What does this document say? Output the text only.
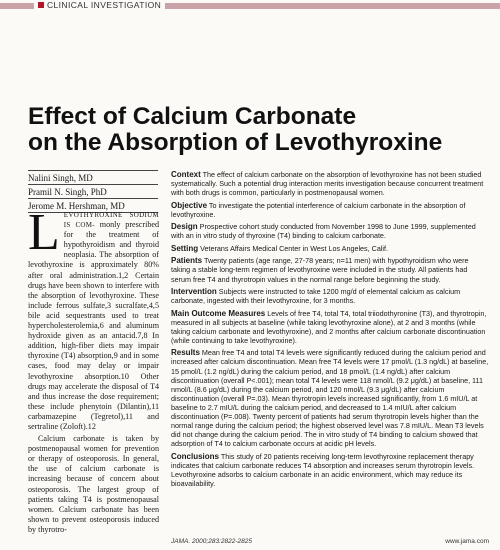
CLINICAL INVESTIGATION
Effect of Calcium Carbonate
on the Absorption of Levothyroxine
Nalini Singh, MD
Pramil N. Singh, PhD
Jerome M. Hershman, MD

LEVOTHYROXINE SODIUM IS COM- monly prescribed for the treatment of hypothyroidism and thyroid neoplasia. The absorption of levothyroxine is approximately 80% after oral administration.1,2 Certain drugs have been shown to interfere with the absorption of levothyroxine. These include ferrous sulfate,3 sucralfate,4,5 bile acid sequestrants used to treat hypercholesterolemia,6 and aluminum hydroxide given as an antacid.7,8 In addition, high-fiber diets may impair thyroxine (T4) absorption,9 and in some cases, food may delay or impair levothyroxine absorption.10 Other drugs may accelerate the disposal of T4 and thus increase the dose requirement; these include phenytoin (Dilantin),11 carbamazepine (Tegretol),11 and sertraline (Zoloft).12

Calcium carbonate is taken by postmenopausal women for prevention or therapy of osteoporosis. In general, the use of calcium carbonate is increasing because of concern about osteoporosis. The largest group of patients taking T4 is postmenopausal women. Calcium carbonate has been shown to prevent osteoporosis induced by thyrotro-

Context The effect of calcium carbonate on the absorption of levothyroxine has not been studied systematically. Such a potential drug interaction merits investigation because concurrent treatment with both drugs is common, particularly in postmenopausal women.

Objective To investigate the potential interference of calcium carbonate in the absorption of levothyroxine.

Design Prospective cohort study conducted from November 1998 to June 1999, supplemented with an in vitro study of thyroxine (T4) binding to calcium carbonate.

Setting Veterans Affairs Medical Center in West Los Angeles, Calif.

Patients Twenty patients (age range, 27-78 years; n=11 men) with hypothyroidism who were taking a stable long-term regimen of levothyroxine were included in the study. All patients had serum free T4 and thyrotropin values in the normal range before beginning the study.

Intervention Subjects were instructed to take 1200 mg/d of elemental calcium as calcium carbonate, ingested with their levothyroxine, for 3 months.

Main Outcome Measures Levels of free T4, total T4, total triiodothyronine (T3), and thyrotropin, measured in all subjects at baseline (while taking levothyroxine alone), at 2 and 3 months (while taking calcium carbonate and levothyroxine), and 2 months after calcium carbonate discontinuation (while continuing to take levothyroxine).

Results Mean free T4 and total T4 levels were significantly reduced during the calcium period and increased after calcium discontinuation. Mean free T4 levels were 17 pmol/L (1.3 ng/dL) at baseline, 15 pmol/L (1.2 ng/dL) during the calcium period, and 18 pmol/L (1.4 ng/dL) after calcium discontinuation (overall P<.001); mean total T4 levels were 118 nmol/L (9.2 μg/dL) at baseline, 111 nmol/L (8.6 μg/dL) during the calcium period, and 120 nmol/L (9.3 μg/dL) after calcium discontinuation (overall P=.03). Mean thyrotropin levels increased significantly, from 1.6 mIU/L at baseline to 2.7 mIU/L during the calcium period, and decreased to 1.4 mIU/L after calcium discontinuation (P=.008). Twenty percent of patients had serum thyrotropin levels higher than the normal range during the calcium period; the highest observed level was 7.8 mIU/L. Mean T3 levels did not change during the calcium period. The in vitro study of T4 binding to calcium showed that adsorption of T4 to calcium carbonate occurs at acidic pH levels.

Conclusions This study of 20 patients receiving long-term levothyroxine replacement therapy indicates that calcium carbonate reduces T4 absorption and increases serum thyrotropin levels. Levothyroxine adsorbs to calcium carbonate in an acidic environment, which may reduce its bioavailability.

JAMA. 2000;283:2822-2825	www.jama.com
